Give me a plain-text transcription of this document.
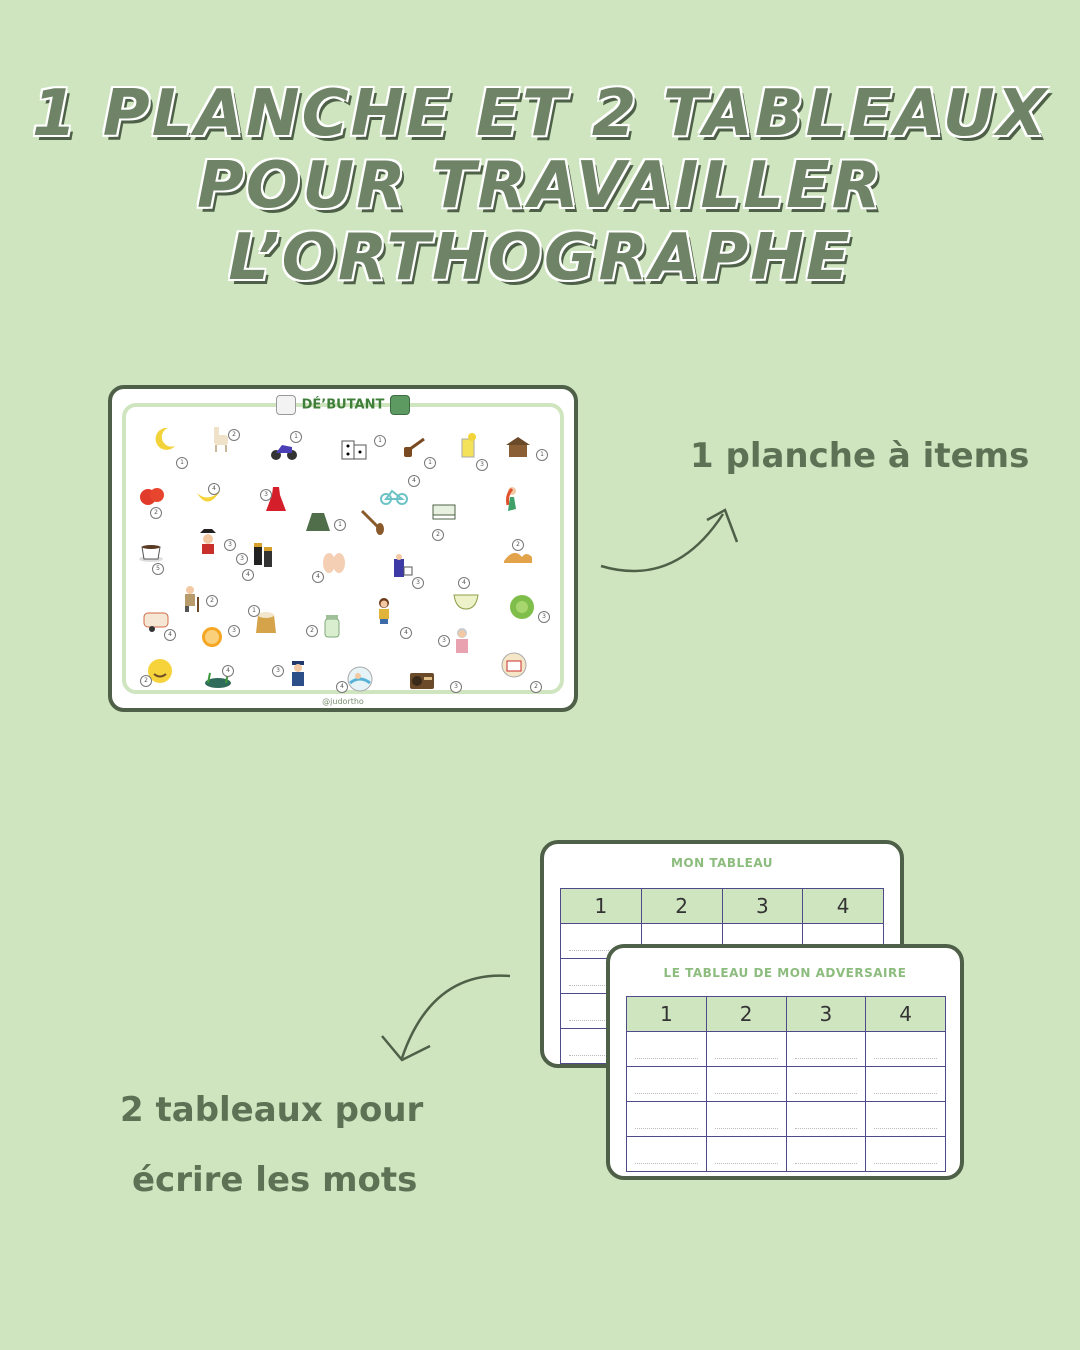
1 PLANCHE ET 2 TABLEAUX
POUR TRAVAILLER
L’ORTHOGRAPHE
DÉ’BUTANT
1
2	1
1
1	3
1
2
4
3
1
4
2
5
3
4	4
3
2
4
3
2
4
3
1
2	4
3
3
2
4	3
4	3	2
@judortho
1 planche à items
MON TABLEAU
1	2	3	4

LE TABLEAU DE MON ADVERSAIRE
1	2	3	4

2 tableaux pour
écrire les mots
